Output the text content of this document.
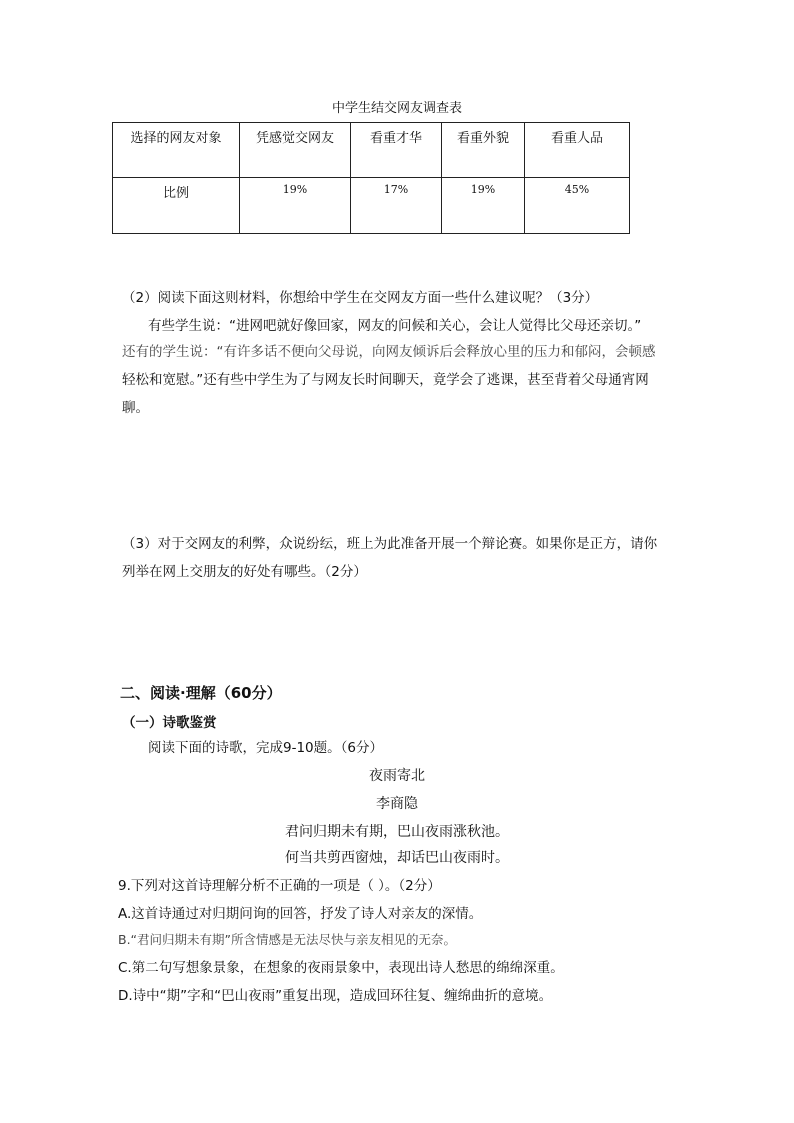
中学生结交网友调查表
选择的网友对象	凭感觉交网友	看重才华	看重外貌	看重人品
比例	19%	17%	19%	45%
（2）阅读下面这则材料，你想给中学生在交网友方面一些什么建议呢？（3分）
有些学生说：“进网吧就好像回家，网友的问候和关心，会让人觉得比父母还亲切。”
还有的学生说：“有许多话不便向父母说，向网友倾诉后会释放心里的压力和郁闷，会顿感
轻松和宽慰。”还有些中学生为了与网友长时间聊天，竟学会了逃课，甚至背着父母通宵网
聊。
（3）对于交网友的利弊，众说纷纭，班上为此准备开展一个辩论赛。如果你是正方，请你
列举在网上交朋友的好处有哪些。（2分）
二、阅读·理解（60分）
（一）诗歌鉴赏
阅读下面的诗歌，完成9-10题。（6分）
夜雨寄北
李商隐
君问归期未有期，巴山夜雨涨秋池。
何当共剪西窗烛，却话巴山夜雨时。
9.下列对这首诗理解分析不正确的一项是（ ）。（2分）
A.这首诗通过对归期问询的回答，抒发了诗人对亲友的深情。
B.“君问归期未有期”所含情感是无法尽快与亲友相见的无奈。
C.第二句写想象景象，在想象的夜雨景象中，表现出诗人愁思的绵绵深重。
D.诗中“期”字和“巴山夜雨”重复出现，造成回环往复、缠绵曲折的意境。
